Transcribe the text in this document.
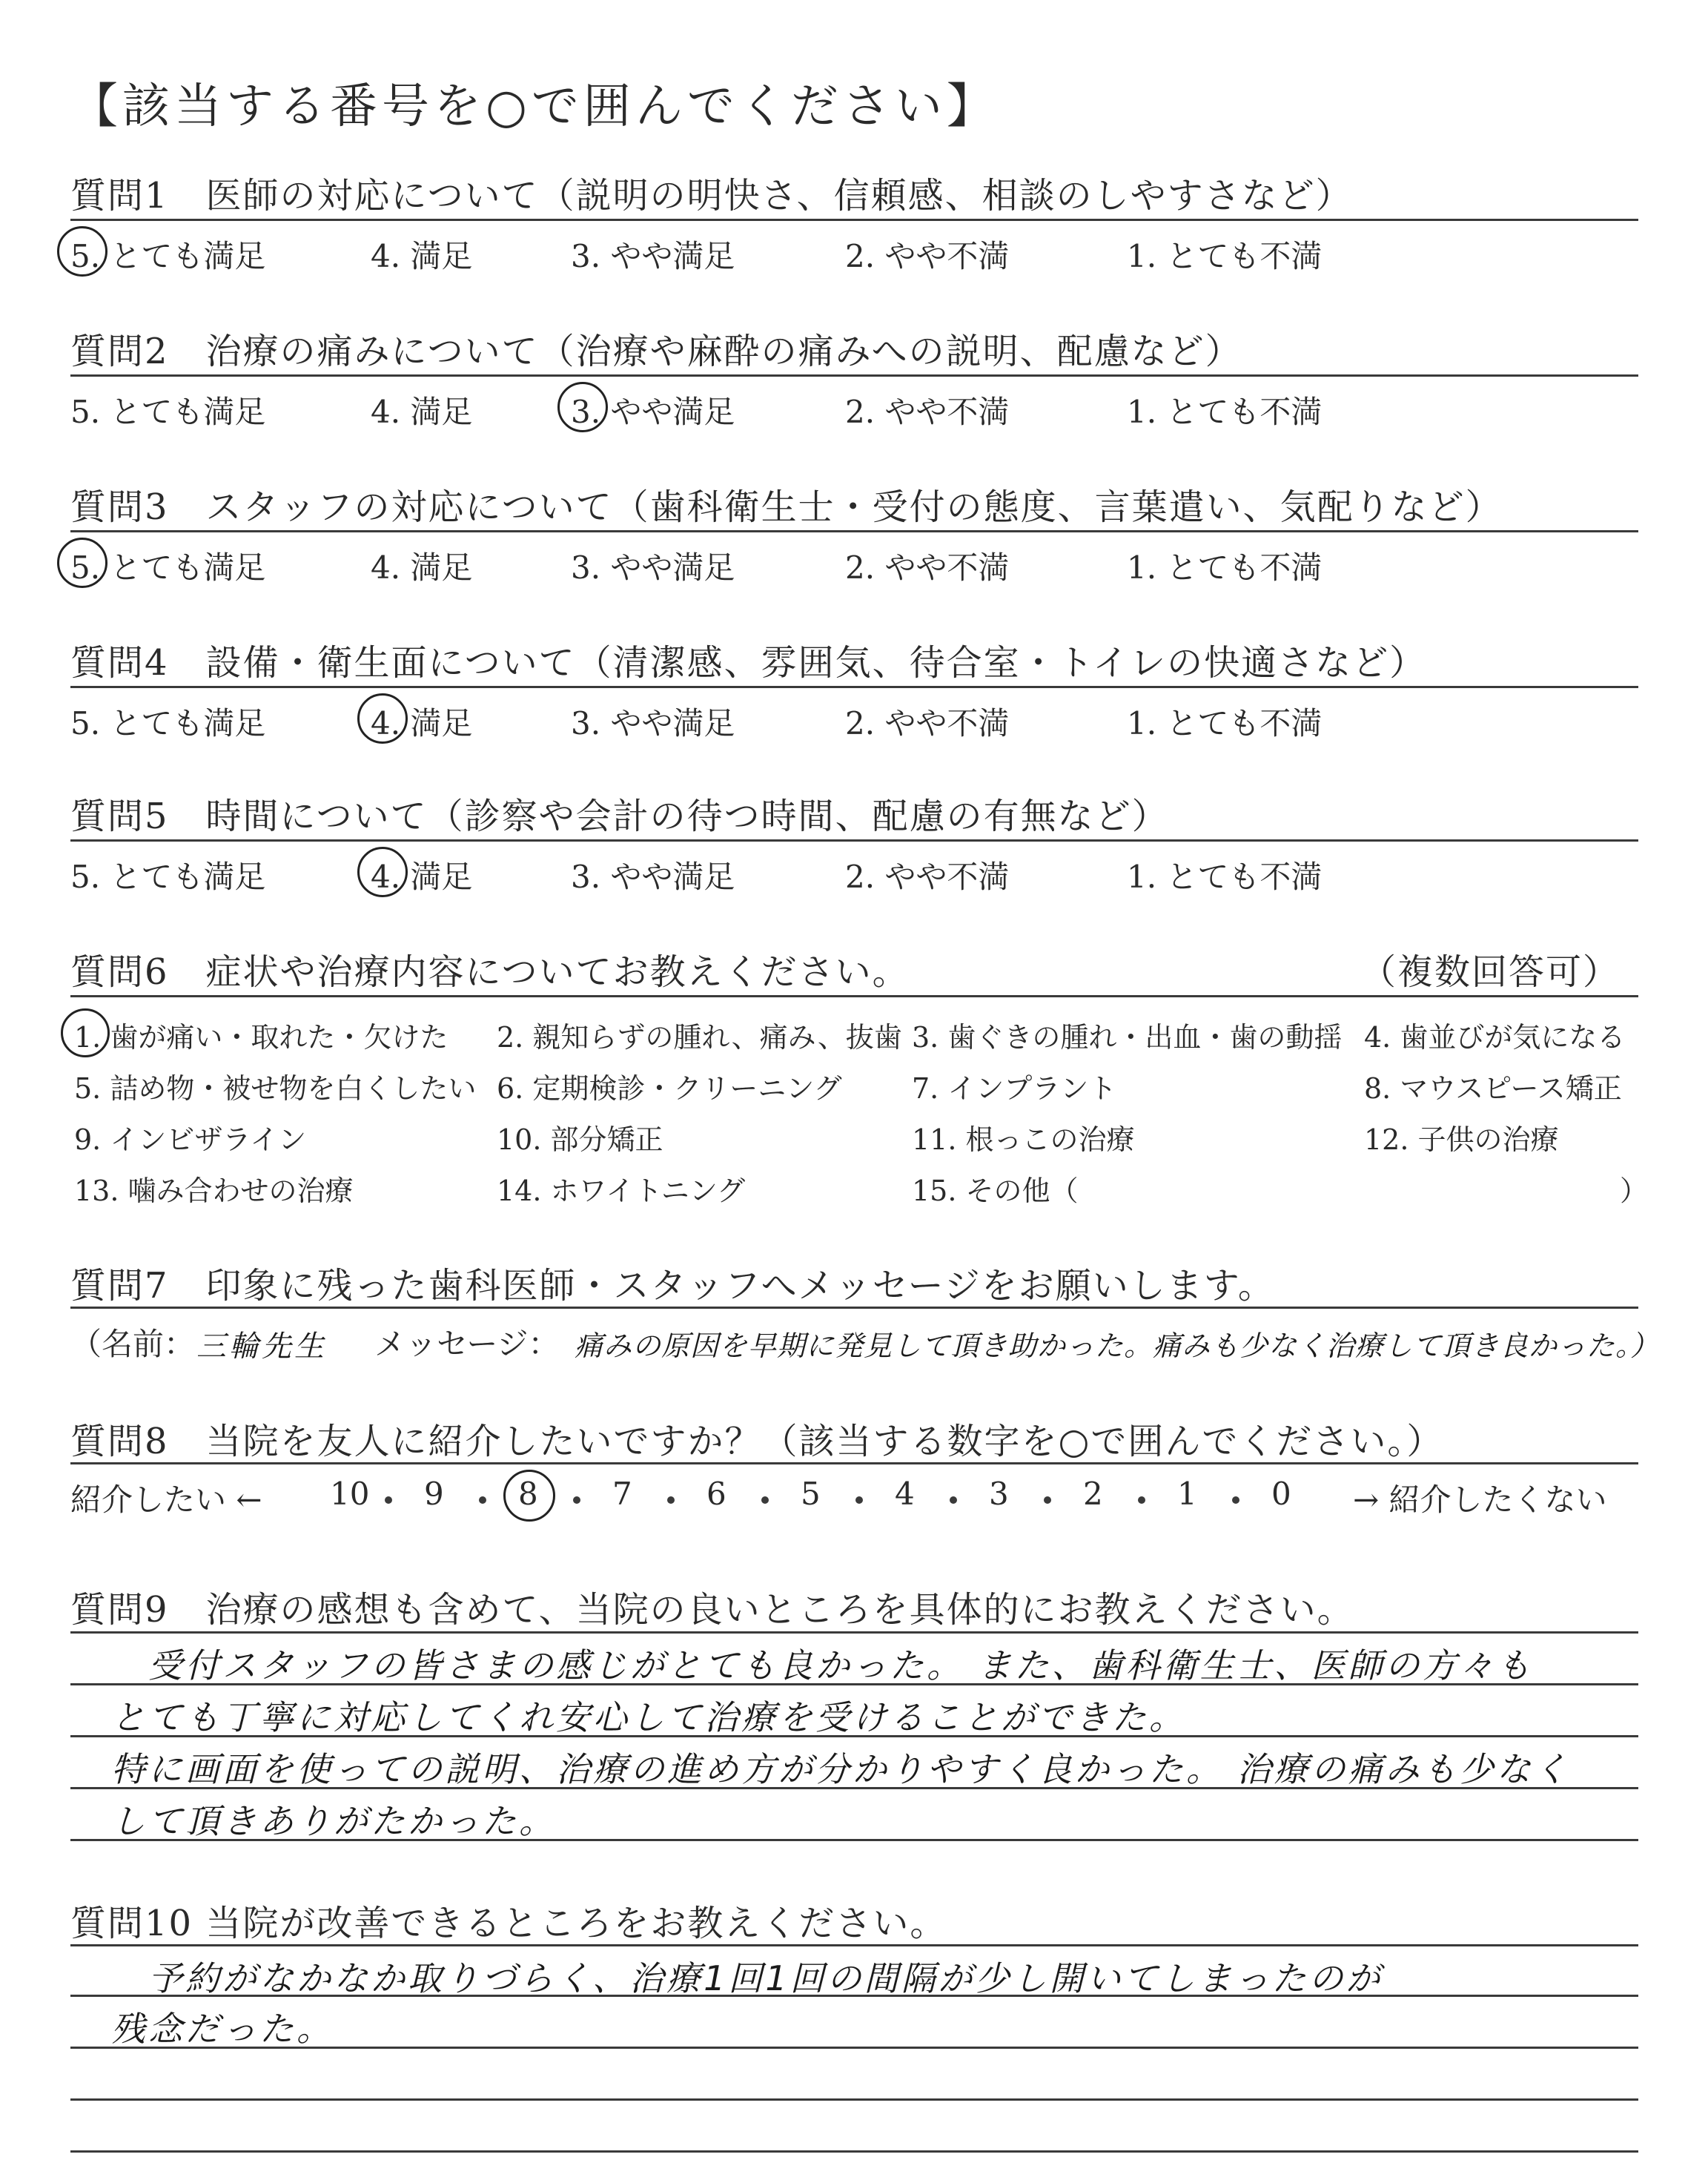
【該当する番号を○で囲んでください】
質問1　医師の対応について（説明の明快さ、信頼感、相談のしやすさなど）
5. とても満足	4. 満足	3. やや満足	2. やや不満	1. とても不満
質問2　治療の痛みについて（治療や麻酔の痛みへの説明、配慮など）
5. とても満足	4. 満足	3. やや満足	2. やや不満	1. とても不満
質問3　スタッフの対応について（歯科衛生士・受付の態度、言葉遣い、気配りなど）
5. とても満足	4. 満足	3. やや満足	2. やや不満	1. とても不満
質問4　設備・衛生面について（清潔感、雰囲気、待合室・トイレの快適さなど）
5. とても満足	4. 満足	3. やや満足	2. やや不満	1. とても不満
質問5　時間について（診察や会計の待つ時間、配慮の有無など）
5. とても満足	4. 満足	3. やや満足	2. やや不満	1. とても不満
質問6　症状や治療内容についてお教えください。	（複数回答可）
1. 歯が痛い・取れた・欠けた 2. 親知らずの腫れ、痛み、抜歯 3. 歯ぐきの腫れ・出血・歯の動揺 4. 歯並びが気になる
5. 詰め物・被せ物を白くしたい 6. 定期検診・クリーニング 7. インプラント	8. マウスピース矯正
9. インビザライン	10. 部分矯正	11. 根っこの治療	12. 子供の治療
13. 噛み合わせの治療	14. ホワイトニング	15. その他（	）
質問7　印象に残った歯科医師・スタッフへメッセージをお願いします。
（名前： 三輪先生 メッセージ： 痛みの原因を早期に発見して頂き助かった。痛みも少なく治療して頂き良かった。）
質問8　当院を友人に紹介したいですか？（該当する数字を○で囲んでください。）
紹介したい ←	→ 紹介したくない
10 9 8 7 6 5 4 3 2 1 0
質問9　治療の感想も含めて、当院の良いところを具体的にお教えください。
受付スタッフの皆さまの感じがとても良かった。 また、歯科衛生士、医師の方々も
とても丁寧に対応してくれ安心して治療を受けることができた。
特に画面を使っての説明、治療の進め方が分かりやすく良かった。 治療の痛みも少なく
して頂きありがたかった。
質問10 当院が改善できるところをお教えください。
予約がなかなか取りづらく、治療1回1回の間隔が少し開いてしまったのが
残念だった。
